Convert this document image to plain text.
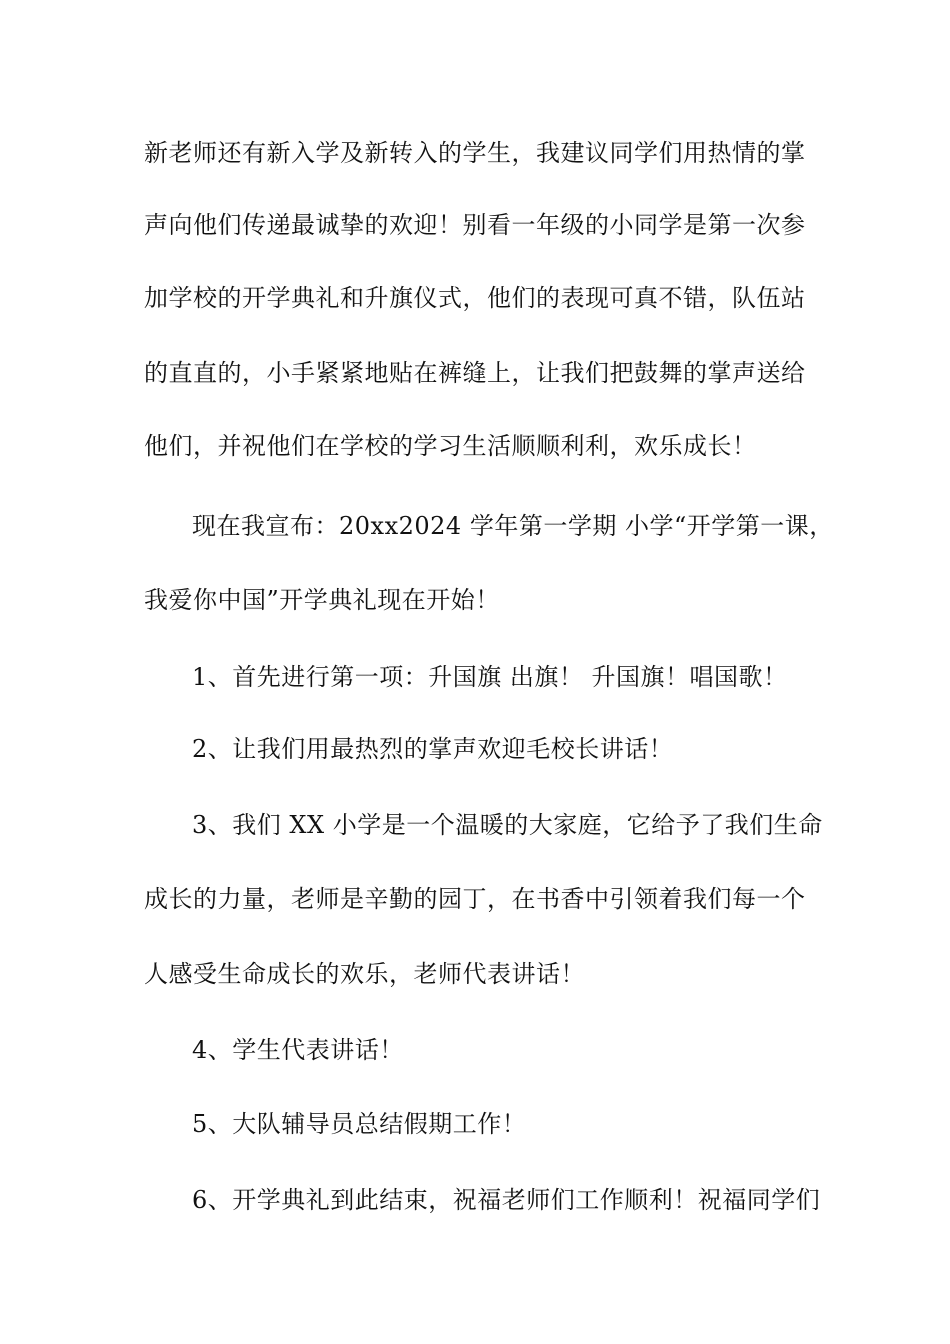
新老师还有新入学及新转入的学生，我建议同学们用热情的掌
声向他们传递最诚挚的欢迎！别看一年级的小同学是第一次参
加学校的开学典礼和升旗仪式，他们的表现可真不错，队伍站
的直直的，小手紧紧地贴在裤缝上，让我们把鼓舞的掌声送给
他们，并祝他们在学校的学习生活顺顺利利，欢乐成长！
现在我宣布：20xx2024 学年第一学期 小学“开学第一课，
我爱你中国”开学典礼现在开始！
1、首先进行第一项：升国旗 出旗！ 升国旗！唱国歌！
2、让我们用最热烈的掌声欢迎毛校长讲话！
3、我们 XX 小学是一个温暖的大家庭，它给予了我们生命
成长的力量，老师是辛勤的园丁，在书香中引领着我们每一个
人感受生命成长的欢乐，老师代表讲话！
4、学生代表讲话！
5、大队辅导员总结假期工作！
6、开学典礼到此结束，祝福老师们工作顺利！祝福同学们
